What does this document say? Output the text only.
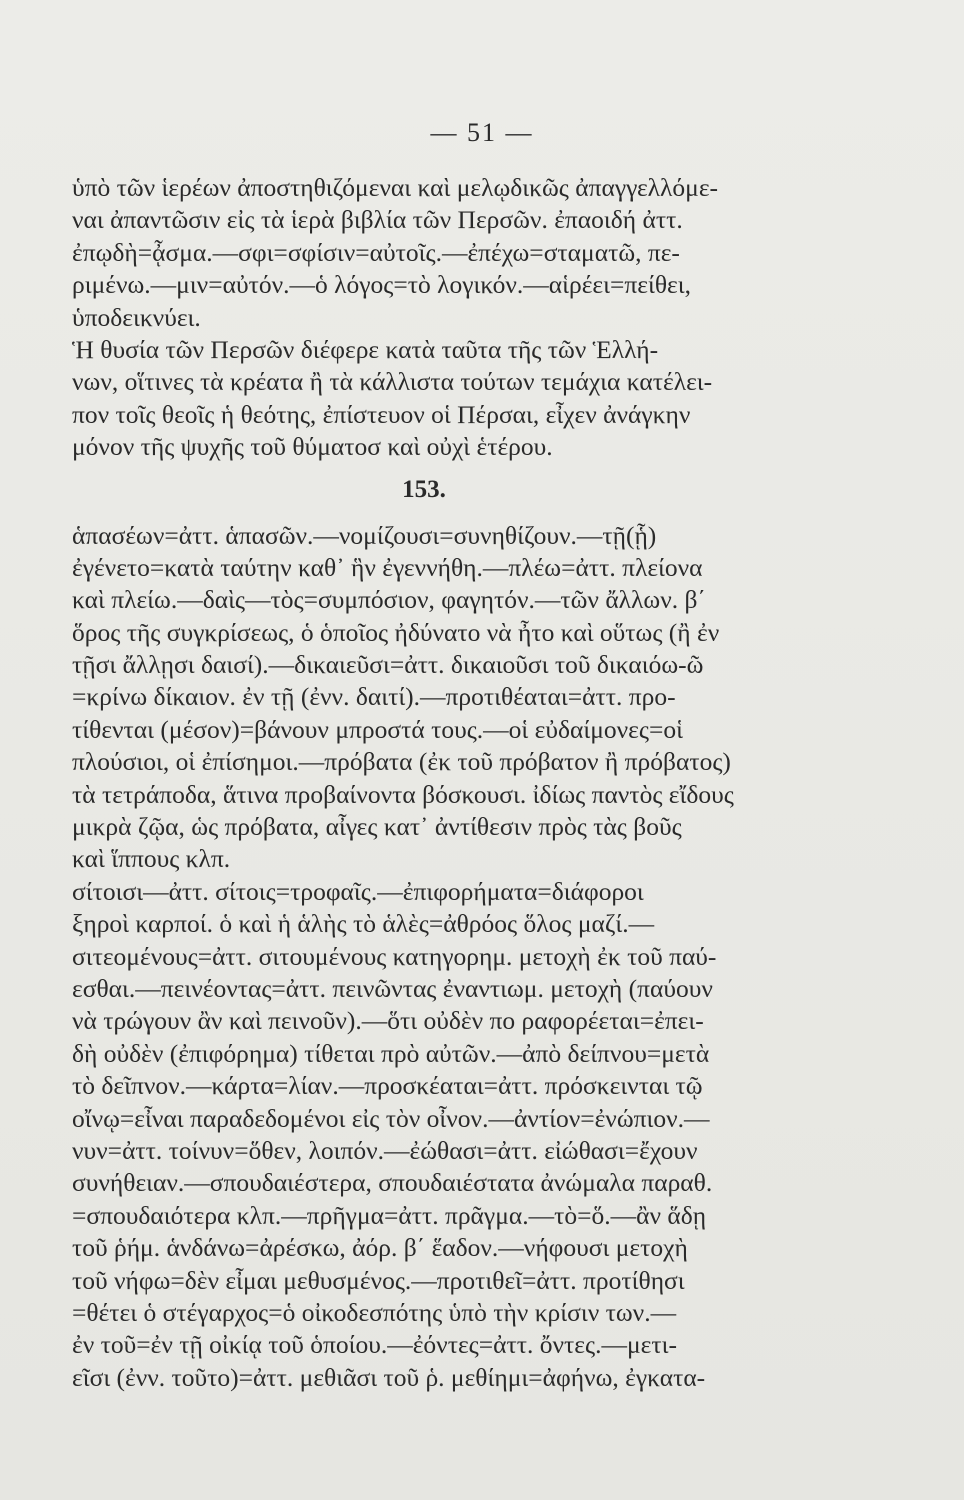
— 51 —
ὑπὸ τῶν ἱερέων ἀποστηθιζόμεναι καὶ μελῳδικῶς ἀπαγγελλόμε-
ναι ἀπαντῶσιν εἰς τὰ ἱερὰ βιβλία τῶν Περσῶν. ἐπαοιδή ἀττ.
ἐπῳδὴ=ᾆσμα.—σφι=σφίσιν=αὐτοῖς.—ἐπέχω=σταματῶ, πε-
ριμένω.—μιν=αὐτόν.—ὁ λόγος=τὸ λογικόν.—αἱρέει=πείθει,
ὑποδεικνύει.
Ἡ θυσία τῶν Περσῶν διέφερε κατὰ ταῦτα τῆς τῶν Ἑλλή-
νων, οἵτινες τὰ κρέατα ἢ τὰ κάλλιστα τούτων τεμάχια κατέλει-
πον τοῖς θεοῖς ἡ θεότης, ἐπίστευον οἱ Πέρσαι, εἶχεν ἀνάγκην
μόνον τῆς ψυχῆς τοῦ θύματοσ καὶ οὐχὶ ἑτέρου.
153.
ἁπασέων=ἀττ. ἁπασῶν.—νομίζουσι=συνηθίζουν.—τῇ(ᾗ)
ἐγένετο=κατὰ ταύτην καθ᾽ ἣν ἐγεννήθη.—πλέω=ἀττ. πλείονα
καὶ πλείω.—δαὶς—τὸς=συμπόσιον, φαγητόν.—τῶν ἄλλων. β΄
ὅρος τῆς συγκρίσεως, ὁ ὁποῖος ἠδύνατο νὰ ἦτο καὶ οὕτως (ἢ ἐν
τῇσι ἄλλῃσι δαισί).—δικαιεῦσι=ἀττ. δικαιοῦσι τοῦ δικαιόω-ῶ
=κρίνω δίκαιον. ἐν τῇ (ἐνν. δαιτί).—προτιθέαται=ἀττ. προ-
τίθενται (μέσον)=βάνουν μπροστά τους.—οἱ εὐδαίμονες=οἱ
πλούσιοι, οἱ ἐπίσημοι.—πρόβατα (ἐκ τοῦ πρόβατον ἢ πρόβατος)
τὰ τετράποδα, ἅτινα προβαίνοντα βόσκουσι. ἰδίως παντὸς εἴδους
μικρὰ ζῷα, ὡς πρόβατα, αἶγες κατ᾽ ἀντίθεσιν πρὸς τὰς βοῦς
καὶ ἵππους κλπ.
σίτοισι—ἀττ. σίτοις=τροφαῖς.—ἐπιφορήματα=διάφοροι
ξηροὶ καρποί. ὁ καὶ ἡ ἁλὴς τὸ ἁλὲς=ἀθρόος ὅλος μαζί.—
σιτεομένους=ἀττ. σιτουμένους κατηγορημ. μετοχὴ ἐκ τοῦ παύ-
εσθαι.—πεινέοντας=ἀττ. πεινῶντας ἐναντιωμ. μετοχὴ (παύουν
νὰ τρώγουν ἂν καὶ πεινοῦν).—ὅτι οὐδὲν πο ραφορέεται=ἐπει-
δὴ οὐδὲν (ἐπιφόρημα) τίθεται πρὸ αὐτῶν.—ἀπὸ δείπνου=μετὰ
τὸ δεῖπνον.—κάρτα=λίαν.—προσκέαται=ἀττ. πρόσκεινται τῷ
οἴνῳ=εἶναι παραδεδομένοι εἰς τὸν οἶνον.—ἀντίον=ἐνώπιον.—
νυν=ἀττ. τοίνυν=ὅθεν, λοιπόν.—ἐώθασι=ἀττ. εἰώθασι=ἔχουν
συνήθειαν.—σπουδαιέστερα, σπουδαιέστατα ἀνώμαλα παραθ.
=σπουδαιότερα κλπ.—πρῆγμα=ἀττ. πρᾶγμα.—τὸ=ὅ.—ἂν ἅδῃ
τοῦ ῥήμ. ἁνδάνω=ἀρέσκω, ἀόρ. β΄ ἕαδον.—νήφουσι μετοχὴ
τοῦ νήφω=δὲν εἶμαι μεθυσμένος.—προτιθεῖ=ἀττ. προτίθησι
=θέτει ὁ στέγαρχος=ὁ οἰκοδεσπότης ὑπὸ τὴν κρίσιν των.—
ἐν τοῦ=ἐν τῇ οἰκίᾳ τοῦ ὁποίου.—ἐόντες=ἀττ. ὄντες.—μετι-
εῖσι (ἐνν. τοῦτο)=ἀττ. μεθιᾶσι τοῦ ῥ. μεθίημι=ἀφήνω, ἐγκατα-
